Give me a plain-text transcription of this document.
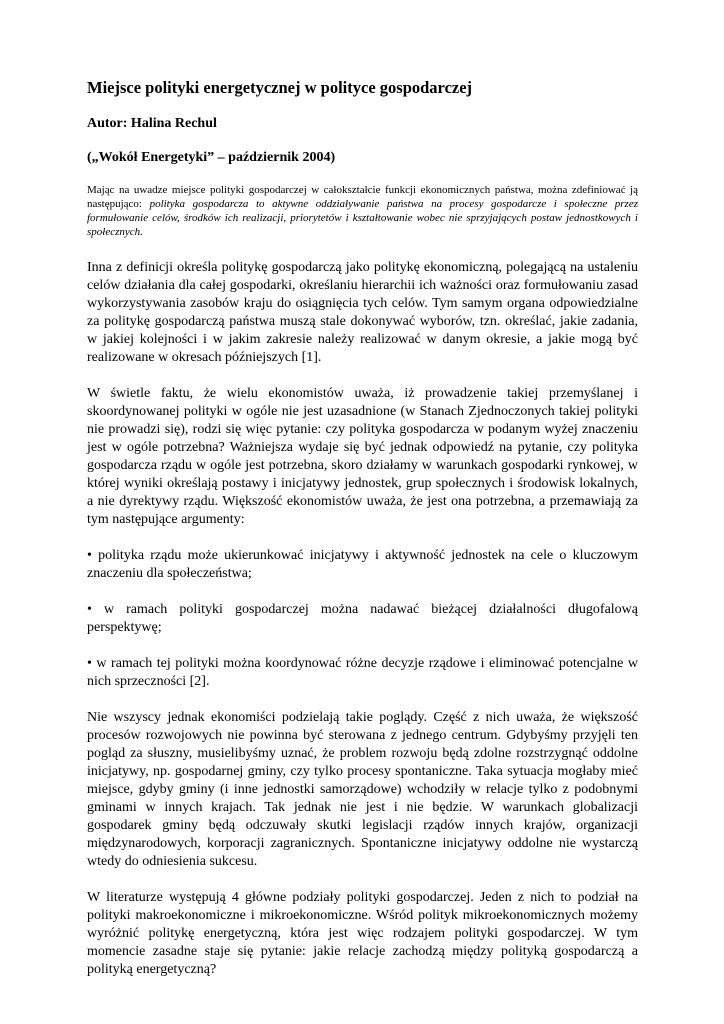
Miejsce polityki energetycznej w polityce gospodarczej
Autor: Halina Rechul
(„Wokół Energetyki” – październik 2004)

Mając na uwadze miejsce polityki gospodarczej w całokształcie funkcji ekonomicznych państwa, można zdefiniować ją następująco: polityka gospodarcza to aktywne oddziaływanie państwa na procesy gospodarcze i społeczne przez formułowanie celów, środków ich realizacji, priorytetów i kształtowanie wobec nie sprzyjających postaw jednostkowych i społecznych.

Inna z definicji określa politykę gospodarczą jako politykę ekonomiczną, polegającą na ustaleniu celów działania dla całej gospodarki, określaniu hierarchii ich ważności oraz formułowaniu zasad wykorzystywania zasobów kraju do osiągnięcia tych celów. Tym samym organa odpowiedzialne za politykę gospodarczą państwa muszą stale dokonywać wyborów, tzn. określać, jakie zadania, w jakiej kolejności i w jakim zakresie należy realizować w danym okresie, a jakie mogą być realizowane w okresach późniejszych [1].

W świetle faktu, że wielu ekonomistów uważa, iż prowadzenie takiej przemyślanej i skoordynowanej polityki w ogóle nie jest uzasadnione (w Stanach Zjednoczonych takiej polityki nie prowadzi się), rodzi się więc pytanie: czy polityka gospodarcza w podanym wyżej znaczeniu jest w ogóle potrzebna? Ważniejsza wydaje się być jednak odpowiedź na pytanie, czy polityka gospodarcza rządu w ogóle jest potrzebna, skoro działamy w warunkach gospodarki rynkowej, w której wyniki określają postawy i inicjatywy jednostek, grup społecznych i środowisk lokalnych, a nie dyrektywy rządu. Większość ekonomistów uważa, że jest ona potrzebna, a przemawiają za tym następujące argumenty:

• polityka rządu może ukierunkować inicjatywy i aktywność jednostek na cele o kluczowym znaczeniu dla społeczeństwa;

• w ramach polityki gospodarczej można nadawać bieżącej działalności długofalową perspektywę;

• w ramach tej polityki można koordynować różne decyzje rządowe i eliminować potencjalne w nich sprzeczności [2].

Nie wszyscy jednak ekonomiści podzielają takie poglądy. Część z nich uważa, że większość procesów rozwojowych nie powinna być sterowana z jednego centrum. Gdybyśmy przyjęli ten pogląd za słuszny, musielibyśmy uznać, że problem rozwoju będą zdolne rozstrzygnąć oddolne inicjatywy, np. gospodarnej gminy, czy tylko procesy spontaniczne. Taka sytuacja mogłaby mieć miejsce, gdyby gminy (i inne jednostki samorządowe) wchodziły w relacje tylko z podobnymi gminami w innych krajach. Tak jednak nie jest i nie będzie. W warunkach globalizacji gospodarek gminy będą odczuwały skutki legislacji rządów innych krajów, organizacji międzynarodowych, korporacji zagranicznych. Spontaniczne inicjatywy oddolne nie wystarczą wtedy do odniesienia sukcesu.

W literaturze występują 4 główne podziały polityki gospodarczej. Jeden z nich to podział na polityki makroekonomiczne i mikroekonomiczne. Wśród polityk mikroekonomicznych możemy wyróżnić politykę energetyczną, która jest więc rodzajem polityki gospodarczej. W tym momencie zasadne staje się pytanie: jakie relacje zachodzą między polityką gospodarczą a polityką energetyczną?
